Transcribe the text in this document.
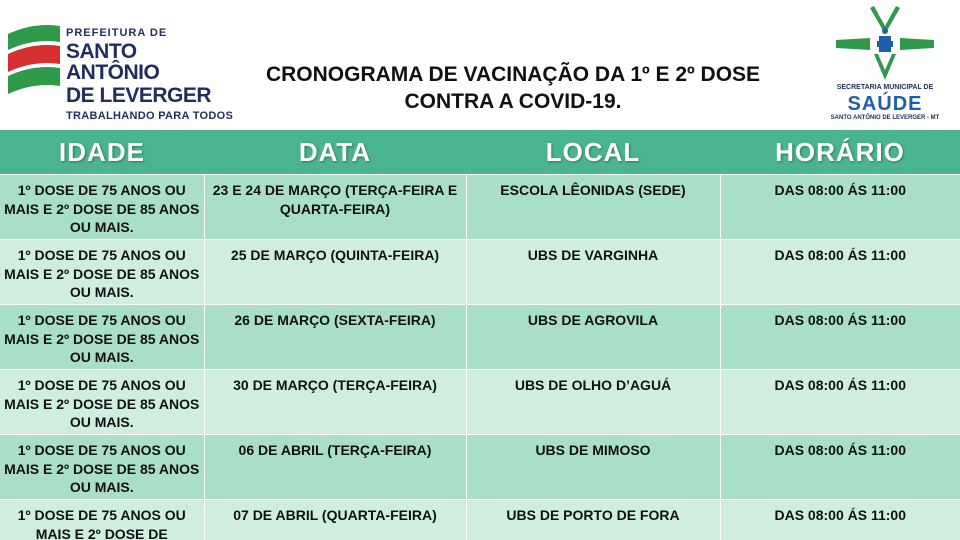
PREFEITURA DE
SANTO ANTÔNIO
DE LEVERGER
TRABALHANDO PARA TODOS
CRONOGRAMA DE VACINAÇÃO DA 1º E 2º DOSE
CONTRA A COVID-19.
SECRETARIA MUNICIPAL DE
SAÚDE
SANTO ANTÔNIO DE LEVERGER - MT
IDADE	DATA	LOCAL	HORÁRIO
1º DOSE DE 75 ANOS OU MAIS E 2º DOSE DE 85 ANOS OU MAIS.	23 E 24 DE MARÇO (TERÇA-FEIRA E QUARTA-FEIRA)	ESCOLA LÊONIDAS (SEDE)	DAS 08:00 ÁS 11:00
1º DOSE DE 75 ANOS OU MAIS E 2º DOSE DE 85 ANOS OU MAIS.	25 DE MARÇO (QUINTA-FEIRA)	UBS DE VARGINHA	DAS 08:00 ÁS 11:00
1º DOSE DE 75 ANOS OU MAIS E 2º DOSE DE 85 ANOS OU MAIS.	26 DE MARÇO (SEXTA-FEIRA)	UBS DE AGROVILA	DAS 08:00 ÁS 11:00
1º DOSE DE 75 ANOS OU MAIS E 2º DOSE DE 85 ANOS OU MAIS.	30 DE MARÇO (TERÇA-FEIRA)	UBS DE OLHO D’AGUÁ	DAS 08:00 ÁS 11:00
1º DOSE DE 75 ANOS OU MAIS E 2º DOSE DE 85 ANOS OU MAIS.	06 DE ABRIL (TERÇA-FEIRA)	UBS DE MIMOSO	DAS 08:00 ÁS 11:00
1º DOSE DE 75 ANOS OU MAIS E 2º DOSE DE	07 DE ABRIL (QUARTA-FEIRA)	UBS DE PORTO DE FORA	DAS 08:00 ÁS 11:00
